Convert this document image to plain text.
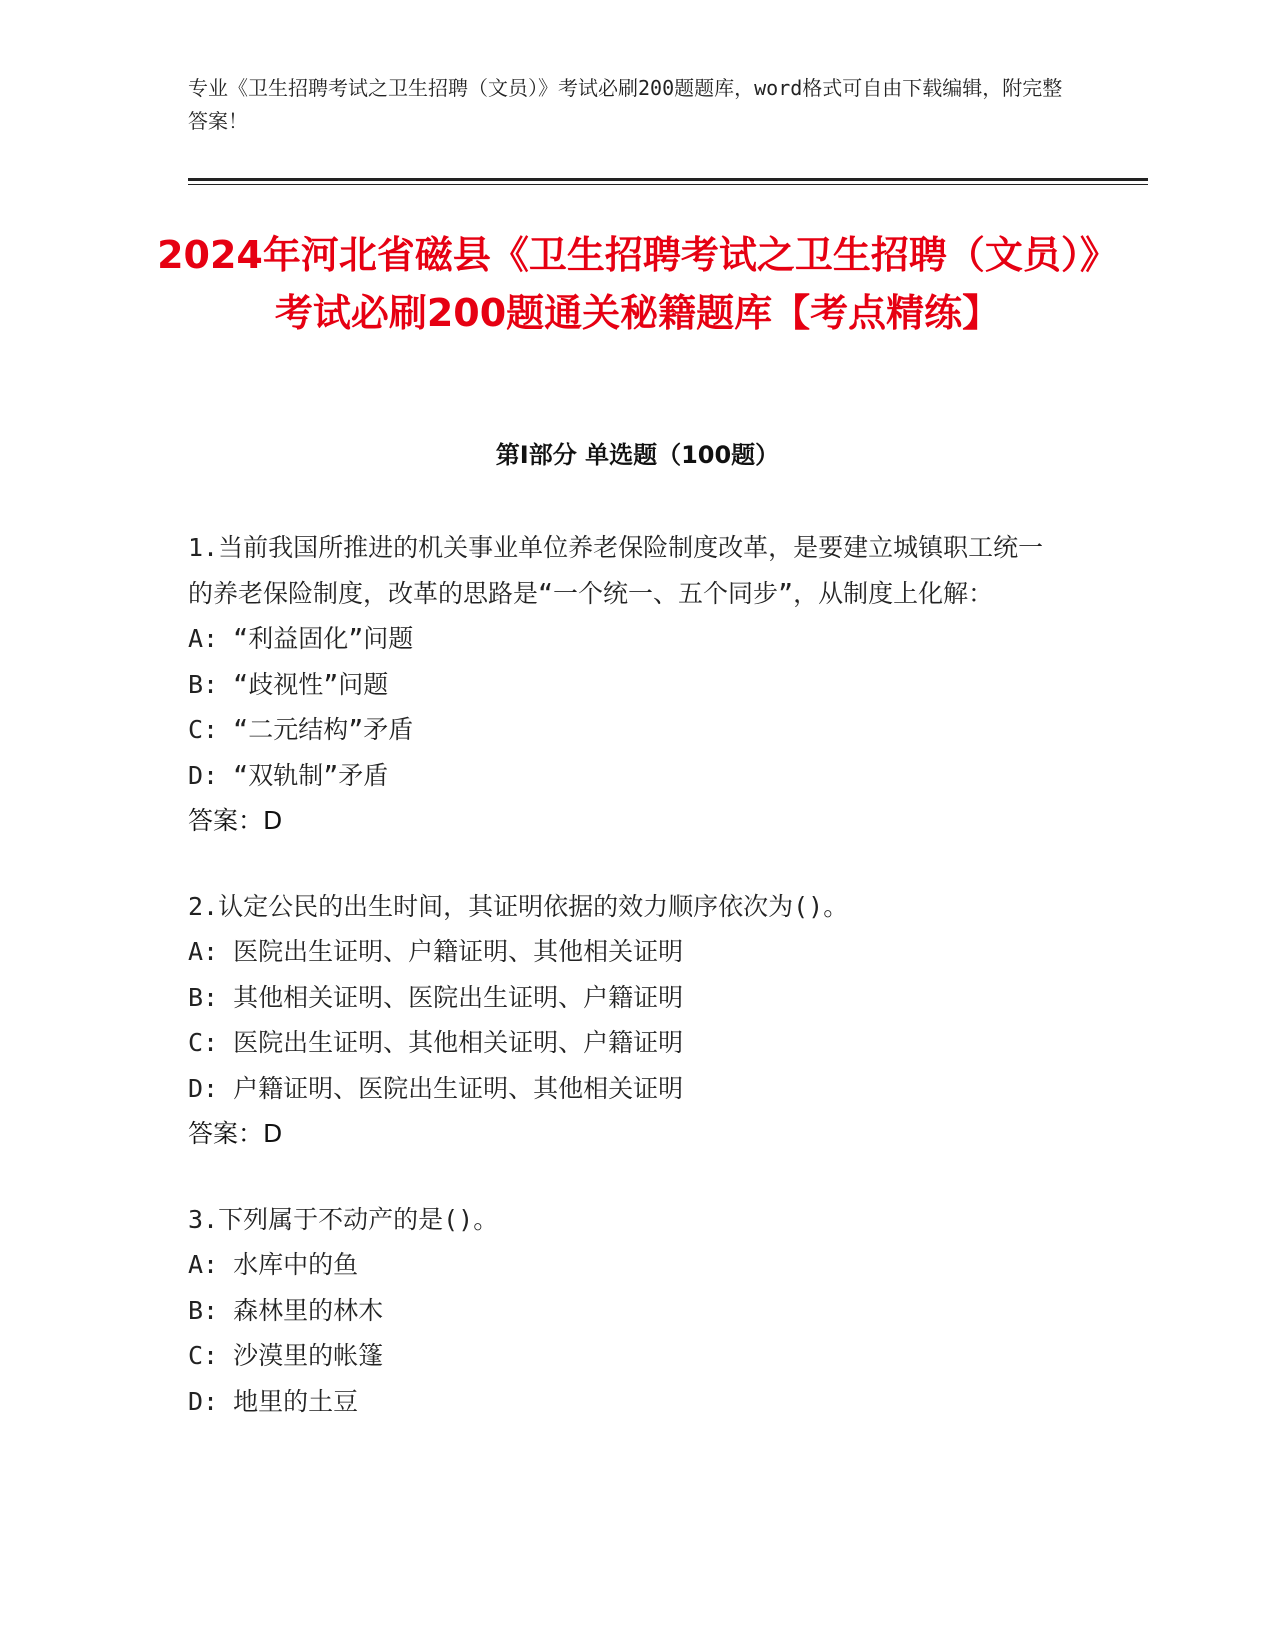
专业《卫生招聘考试之卫生招聘（文员）》考试必刷200题题库，word格式可自由下载编辑，附完整答案！
2024年河北省磁县《卫生招聘考试之卫生招聘（文员）》考试必刷200题通关秘籍题库【考点精练】
第I部分 单选题（100题）
1.当前我国所推进的机关事业单位养老保险制度改革，是要建立城镇职工统一的养老保险制度，改革的思路是“一个统一、五个同步”，从制度上化解：
A: “利益固化”问题
B: “歧视性”问题
C: “二元结构”矛盾
D: “双轨制”矛盾
答案：D
2.认定公民的出生时间，其证明依据的效力顺序依次为()。
A: 医院出生证明、户籍证明、其他相关证明
B: 其他相关证明、医院出生证明、户籍证明
C: 医院出生证明、其他相关证明、户籍证明
D: 户籍证明、医院出生证明、其他相关证明
答案：D
3.下列属于不动产的是()。
A: 水库中的鱼
B: 森林里的林木
C: 沙漠里的帐篷
D: 地里的土豆
